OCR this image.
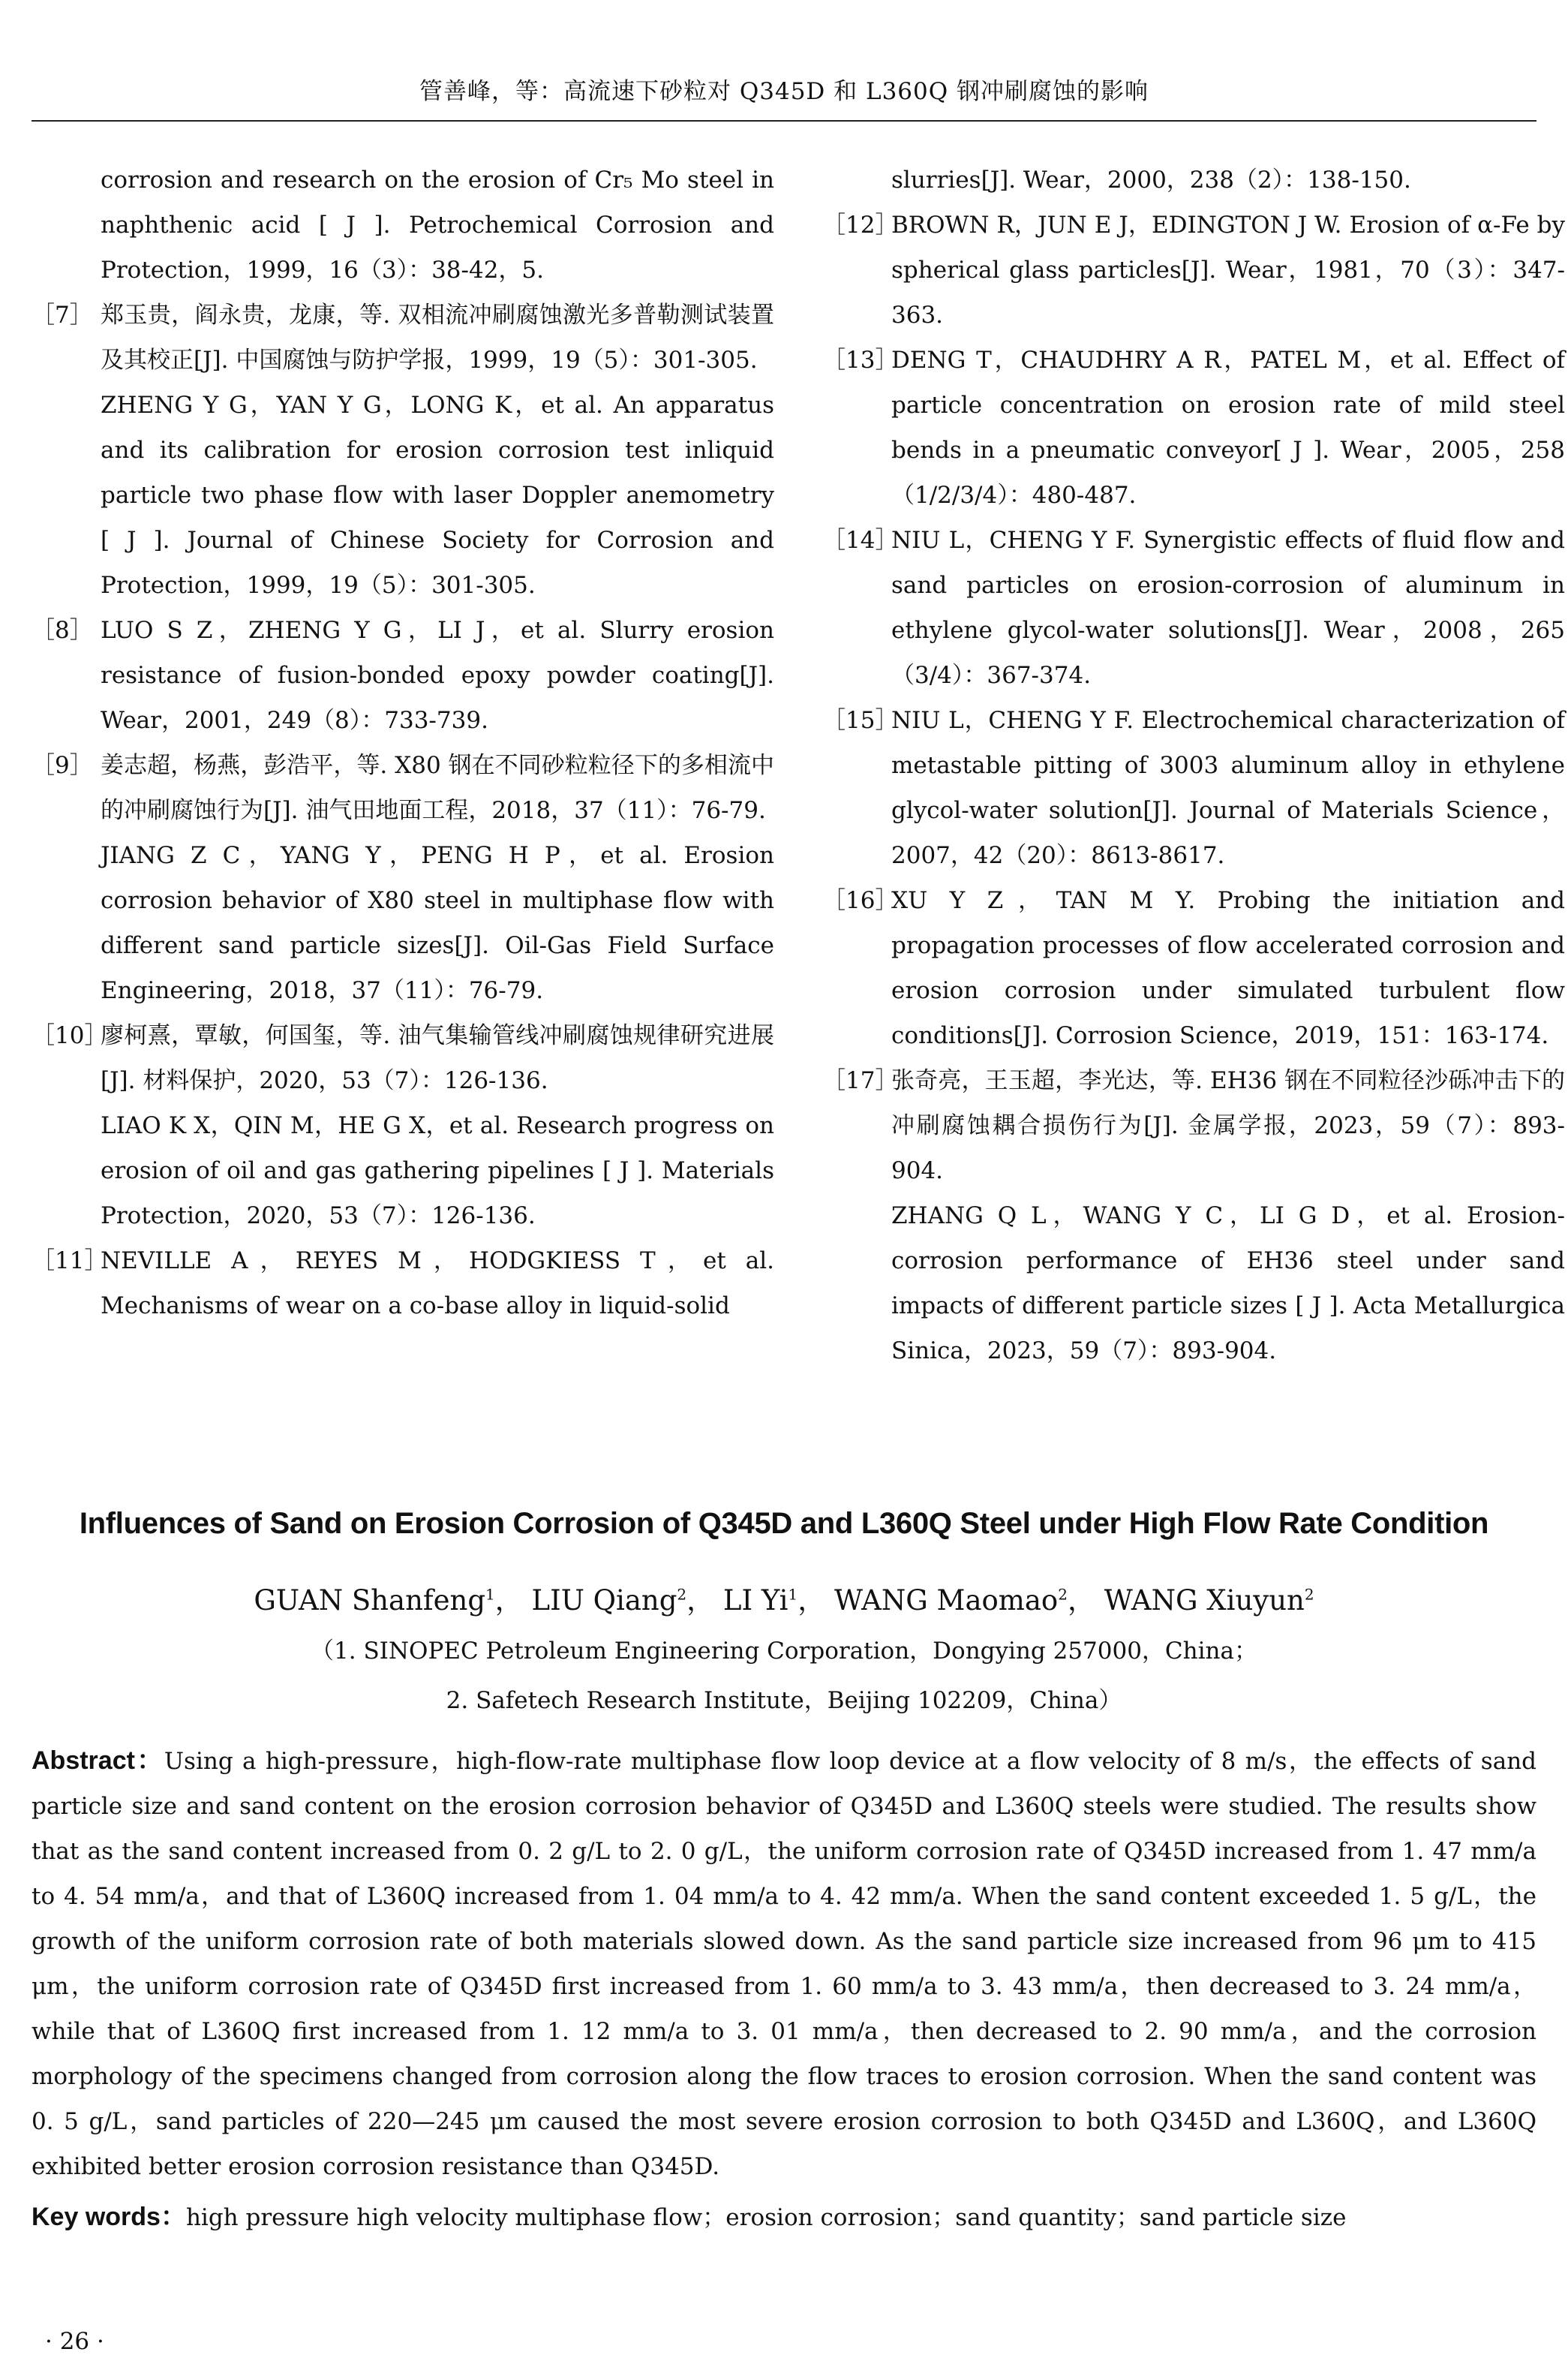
管善峰，等：高流速下砂粒对 Q345D 和 L360Q 钢冲刷腐蚀的影响
corrosion and research on the erosion of Cr₅ Mo steel in naphthenic acid [ J ]. Petrochemical Corrosion and Protection，1999，16（3）：38-42，5.
［7］ 郑玉贵，阎永贵，龙康，等. 双相流冲刷腐蚀激光多普勒测试装置及其校正[J]. 中国腐蚀与防护学报，1999，19（5）：301-305.
ZHENG Y G，YAN Y G，LONG K，et al. An apparatus and its calibration for erosion corrosion test inliquid particle two phase flow with laser Doppler anemometry [ J ]. Journal of Chinese Society for Corrosion and Protection，1999，19（5）：301-305.
［8］ LUO S Z，ZHENG Y G，LI J，et al. Slurry erosion resistance of fusion-bonded epoxy powder coating[J]. Wear，2001，249（8）：733-739.
［9］ 姜志超，杨燕，彭浩平，等. X80 钢在不同砂粒粒径下的多相流中的冲刷腐蚀行为[J]. 油气田地面工程，2018，37（11）：76-79.
JIANG Z C，YANG Y，PENG H P，et al. Erosion corrosion behavior of X80 steel in multiphase flow with different sand particle sizes[J]. Oil-Gas Field Surface Engineering，2018，37（11）：76-79.
［10］
廖柯熹，覃敏，何国玺，等. 油气集输管线冲刷腐蚀规律研究进展[J]. 材料保护，2020，53（7）：126-136.
LIAO K X，QIN M，HE G X，et al. Research progress on erosion of oil and gas gathering pipelines [ J ]. Materials Protection，2020，53（7）：126-136.
［11］
NEVILLE A，REYES M，HODGKIESS T，et al. Mechanisms of wear on a co-base alloy in liquid-solid
slurries[J]. Wear，2000，238（2）：138-150.
［12］
BROWN R，JUN E J，EDINGTON J W. Erosion of α-Fe by spherical glass particles[J]. Wear，1981，70（3）：347-363.
［13］
DENG T，CHAUDHRY A R，PATEL M，et al. Effect of particle concentration on erosion rate of mild steel bends in a pneumatic conveyor[ J ]. Wear，2005，258（1/2/3/4）：480-487.
［14］
NIU L，CHENG Y F. Synergistic effects of fluid flow and sand particles on erosion-corrosion of aluminum in ethylene glycol-water solutions[J]. Wear，2008，265（3/4）：367-374.
［15］
NIU L，CHENG Y F. Electrochemical characterization of metastable pitting of 3003 aluminum alloy in ethylene glycol-water solution[J]. Journal of Materials Science，2007，42（20）：8613-8617.
［16］
XU Y Z，TAN M Y. Probing the initiation and propagation processes of flow accelerated corrosion and erosion corrosion under simulated turbulent flow conditions[J]. Corrosion Science，2019，151：163-174.
［17］
张奇亮，王玉超，李光达，等. EH36 钢在不同粒径沙砾冲击下的冲刷腐蚀耦合损伤行为[J]. 金属学报，2023，59（7）：893-904.
ZHANG Q L，WANG Y C，LI G D，et al. Erosion-corrosion performance of EH36 steel under sand impacts of different particle sizes [ J ]. Acta Metallurgica Sinica，2023，59（7）：893-904.
Influences of Sand on Erosion Corrosion of Q345D and L360Q Steel under High Flow Rate Condition
GUAN Shanfeng$^1$， LIU Qiang$^2$， LI Yi$^1$， WANG Maomao$^2$， WANG Xiuyun$^2$
（1. SINOPEC Petroleum Engineering Corporation，Dongying 257000，China；
2. Safetech Research Institute，Beijing 102209，China）
Abstract：Using a high-pressure，high-flow-rate multiphase flow loop device at a flow velocity of 8 m/s，the effects of sand particle size and sand content on the erosion corrosion behavior of Q345D and L360Q steels were studied. The results show that as the sand content increased from 0. 2 g/L to 2. 0 g/L，the uniform corrosion rate of Q345D increased from 1. 47 mm/a to 4. 54 mm/a，and that of L360Q increased from 1. 04 mm/a to 4. 42 mm/a. When the sand content exceeded 1. 5 g/L，the growth of the uniform corrosion rate of both materials slowed down. As the sand particle size increased from 96 μm to 415 μm，the uniform corrosion rate of Q345D first increased from 1. 60 mm/a to 3. 43 mm/a，then decreased to 3. 24 mm/a，while that of L360Q first increased from 1. 12 mm/a to 3. 01 mm/a，then decreased to 2. 90 mm/a，and the corrosion morphology of the specimens changed from corrosion along the flow traces to erosion corrosion. When the sand content was 0. 5 g/L，sand particles of 220—245 μm caused the most severe erosion corrosion to both Q345D and L360Q，and L360Q exhibited better erosion corrosion resistance than Q345D.
Key words：high pressure high velocity multiphase flow；erosion corrosion；sand quantity；sand particle size
· 26 ·
